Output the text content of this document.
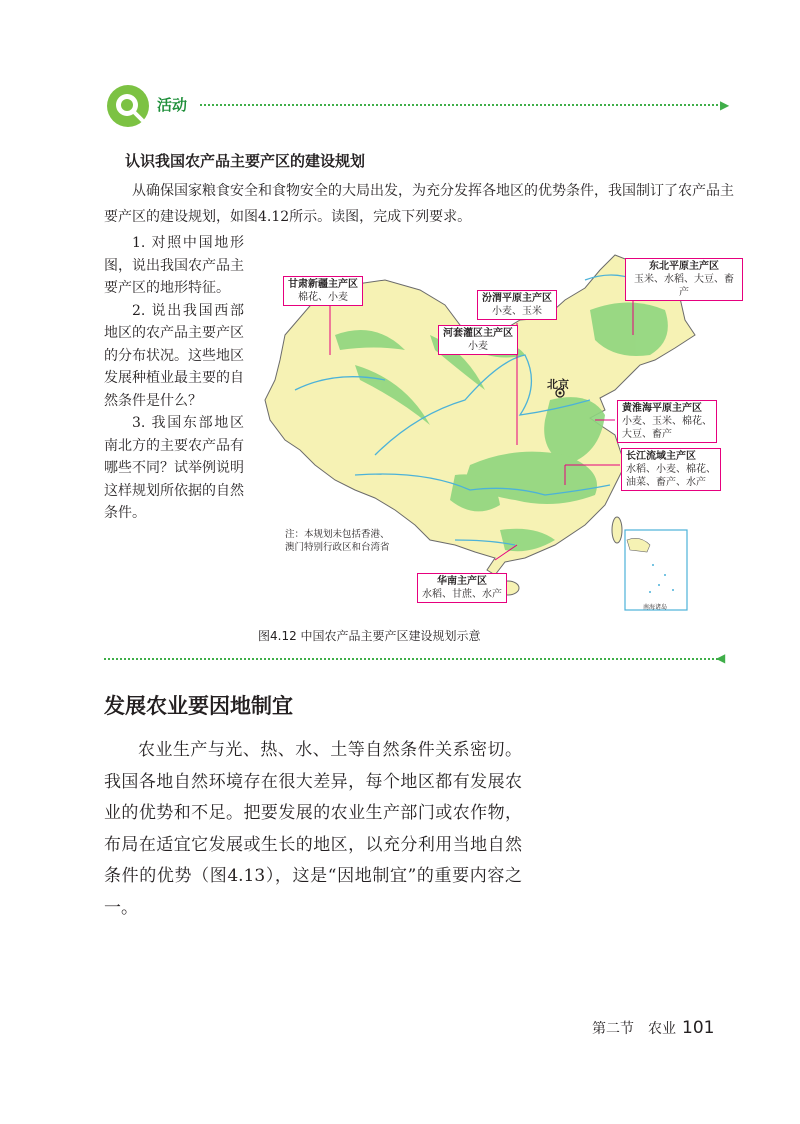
活动	▶
认识我国农产品主要产区的建设规划
从确保国家粮食安全和食物安全的大局出发，为充分发挥各地区的优势条件，我国制订了农产品主要产区的建设规划，如图4.12所示。读图，完成下列要求。

1. 对照中国地形图，说出我国农产品主要产区的地形特征。

2. 说出我国西部地区的农产品主要产区的分布状况。这些地区发展种植业最主要的自然条件是什么？

3. 我国东部地区南北方的主要农产品有哪些不同？试举例说明这样规划所依据的自然条件。

甘肃新疆主产区
棉花、小麦	汾渭平原主产区
小麦、玉米
河套灌区主产区
小麦
东北平原主产区
玉米、水稻、大豆、畜产
黄淮海平原主产区
小麦、玉米、棉花、
大豆、畜产
长江流域主产区
水稻、小麦、棉花、
油菜、畜产、水产
华南主产区
水稻、甘蔗、水产
北京
注：本规划未包括香港、
澳门特别行政区和台湾省
南海诸岛
图4.12 中国农产品主要产区建设规划示意
◀
发展农业要因地制宜
农业生产与光、热、水、土等自然条件关系密切。我国各地自然环境存在很大差异，每个地区都有发展农业的优势和不足。把要发展的农业生产部门或农作物，布局在适宜它发展或生长的地区，以充分利用当地自然条件的优势（图4.13），这是“因地制宜”的重要内容之一。
第二节　农业 101
